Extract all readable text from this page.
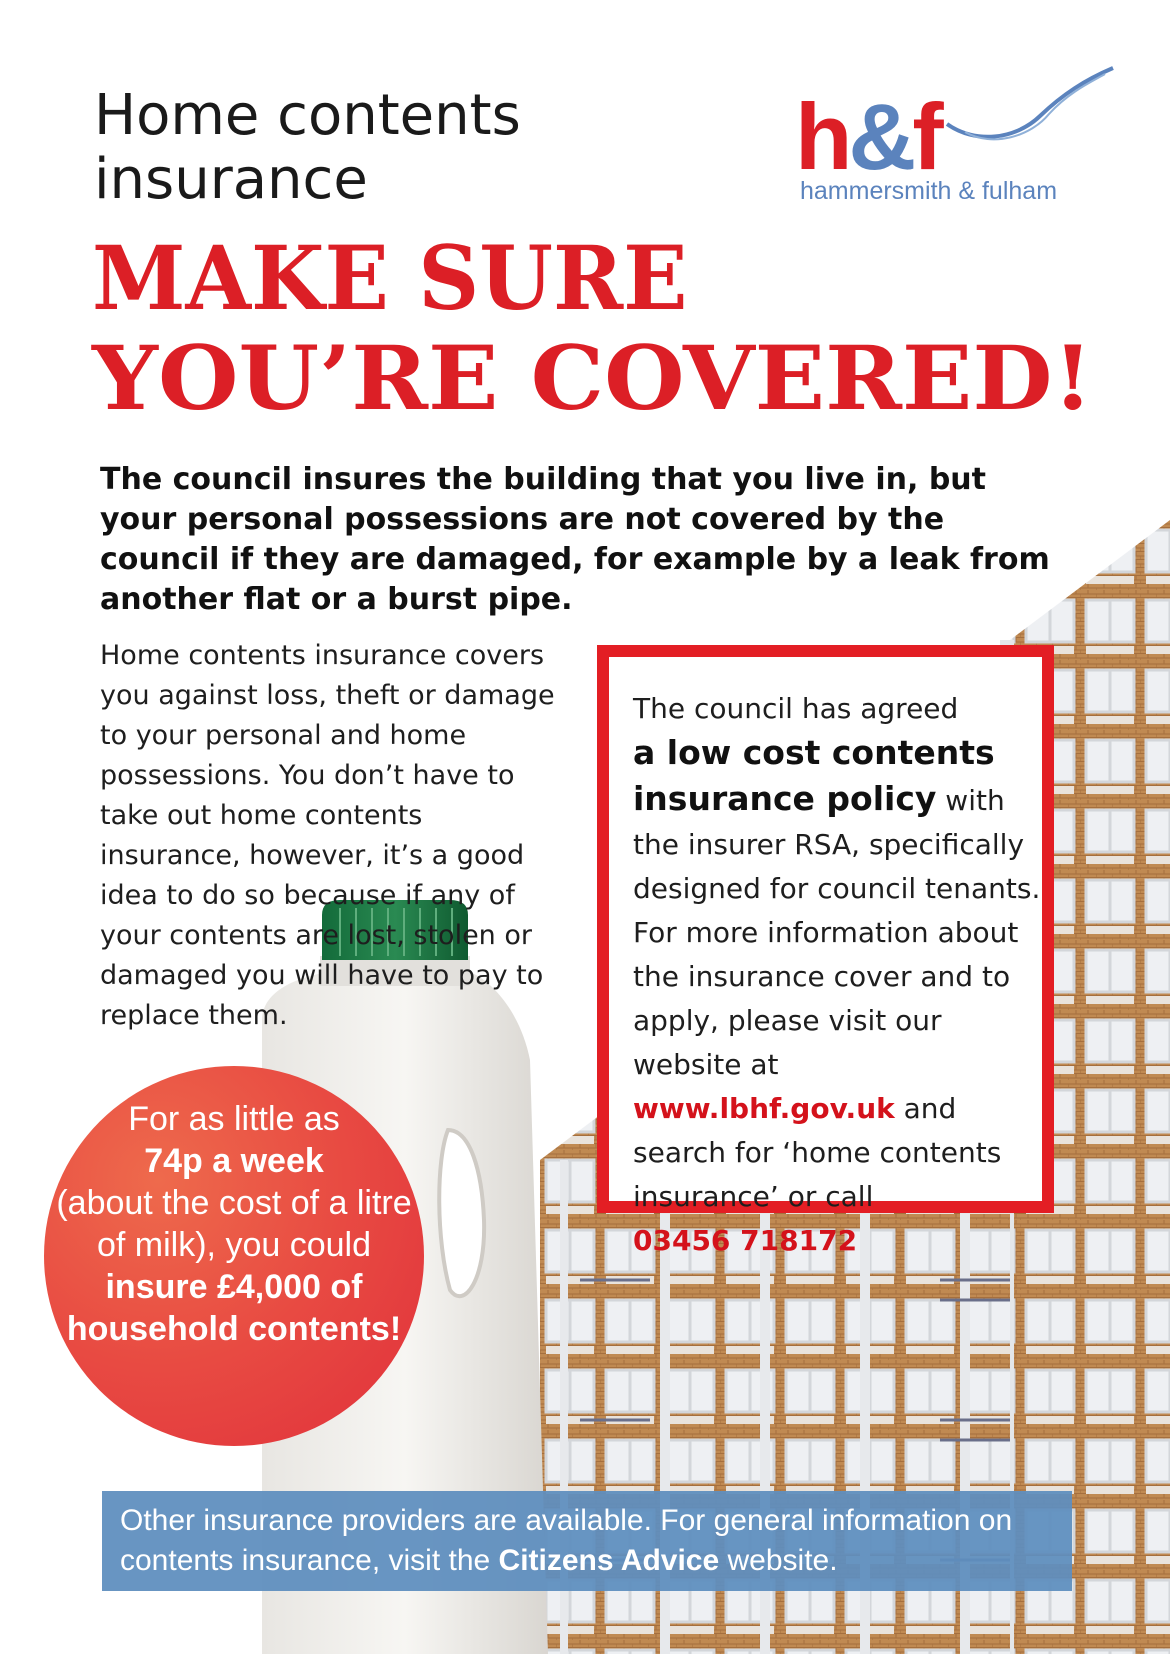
Home contents
insurance	h&f
hammersmith & fulham
MAKE SURE
YOU’RE COVERED!
The council insures the building that you live in, but your personal possessions are not covered by the council if they are damaged, for example by a leak from another flat or a burst pipe.
Home contents insurance covers you against loss, theft or damage to your personal and home possessions. You don’t have to take out home contents insurance, however, it’s a good idea to do so because if any of your contents are lost, stolen or damaged you will have to pay to replace them.
The council has agreed
a low cost contents insurance policy with the insurer RSA, specifically designed for council tenants. For more information about the insurance cover and to apply, please visit our website at www.lbhf.gov.uk and search for ‘home contents insurance’ or call
03456 718172
For as little as
74p a week
(about the cost of a litre of milk), you could
insure £4,000 of household contents!
Other insurance providers are available. For general information on contents insurance, visit the Citizens Advice website.
